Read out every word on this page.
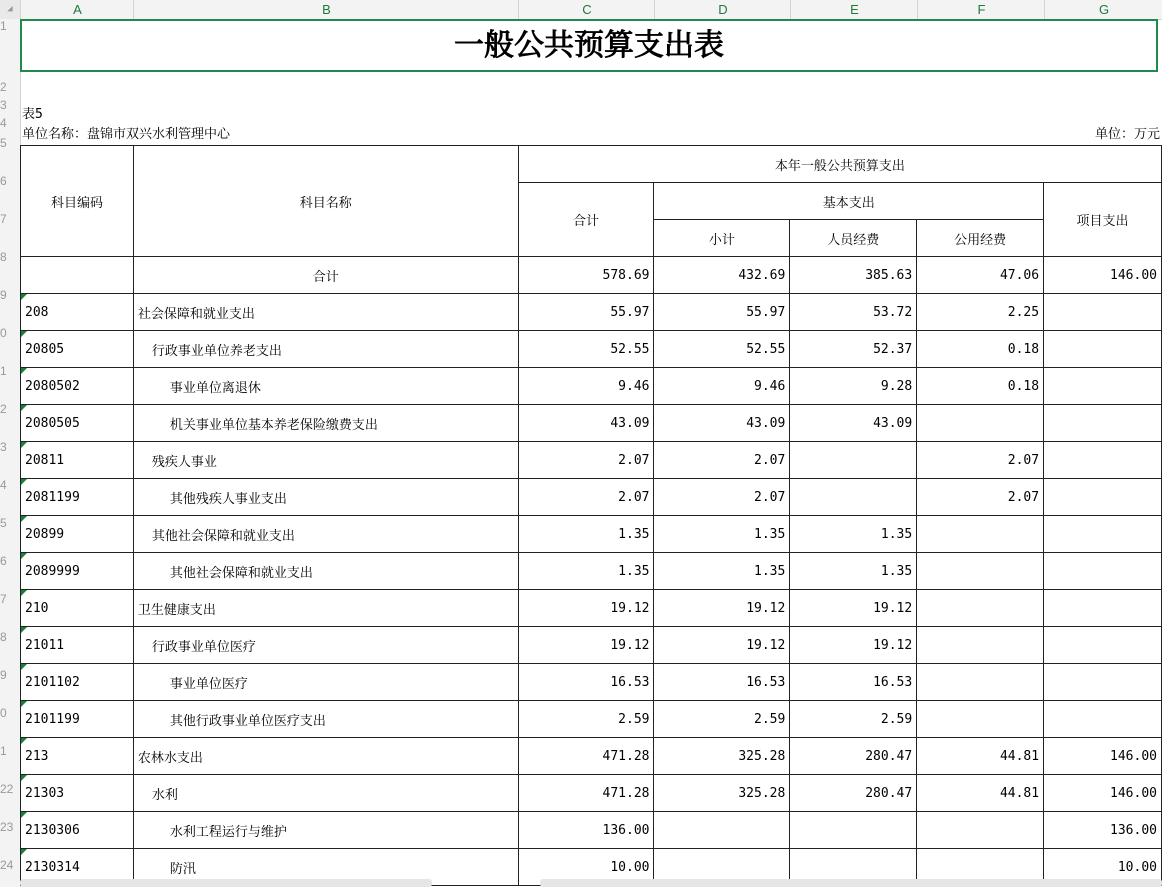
◢	A	B	C	D	E	F	G
1
2
3
4
5
6
7
8
9
0
1
2
3
4
5
6
7
8
9
0
1
22
23
24
一般公共预算支出表
表5
单位名称：盘锦市双兴水利管理中心	单位：万元
科目编码	科目名称	本年一般公共预算支出				
		合计	基本支出			项目支出
			小计	人员经费	公用经费	
	合计	578.69	432.69	385.63	47.06	146.00

208	社会保障和就业支出	55.97	55.97	53.72	2.25	

20805	行政事业单位养老支出	52.55	52.55	52.37	0.18	

2080502	事业单位离退休	9.46	9.46	9.28	0.18	

2080505	机关事业单位基本养老保险缴费支出	43.09	43.09	43.09		

20811	残疾人事业	2.07	2.07		2.07	

2081199	其他残疾人事业支出	2.07	2.07		2.07	

20899	其他社会保障和就业支出	1.35	1.35	1.35		

2089999	其他社会保障和就业支出	1.35	1.35	1.35		

210	卫生健康支出	19.12	19.12	19.12		

21011	行政事业单位医疗	19.12	19.12	19.12		

2101102	事业单位医疗	16.53	16.53	16.53		

2101199	其他行政事业单位医疗支出	2.59	2.59	2.59		

213	农林水支出	471.28	325.28	280.47	44.81	146.00

21303	水利	471.28	325.28	280.47	44.81	146.00

2130306	水利工程运行与维护	136.00				136.00

2130314	防汛	10.00				10.00
